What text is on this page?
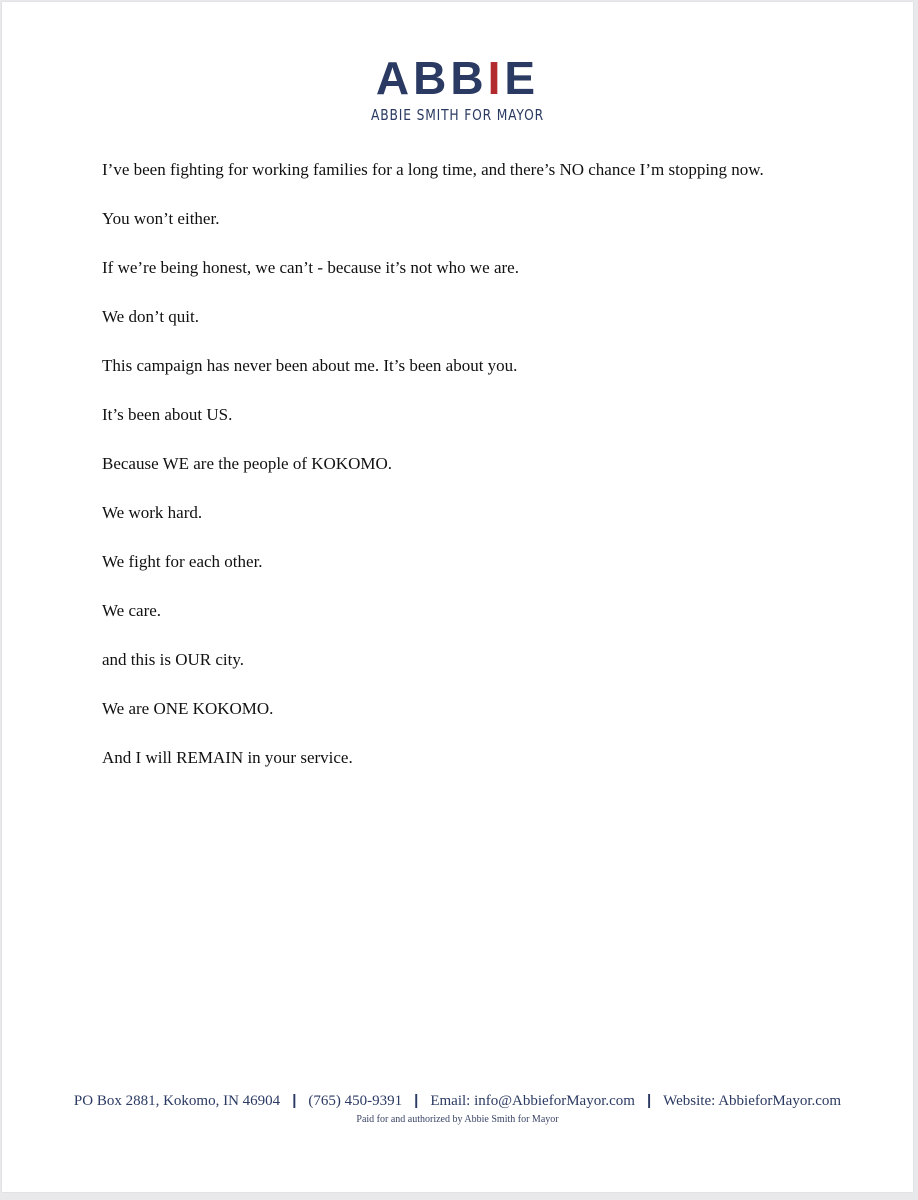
ABBIE
ABBIE SMITH FOR MAYOR

I’ve been fighting for working families for a long time, and there’s NO chance I’m stopping now.

You won’t either.

If we’re being honest, we can’t - because it’s not who we are.

We don’t quit.

This campaign has never been about me. It’s been about you.

It’s been about US.

Because WE are the people of KOKOMO.

We work hard.

We fight for each other.

We care.

and this is OUR city.

We are ONE KOKOMO.

And I will REMAIN in your service.

PO Box 2881, Kokomo, IN 46904 | (765) 450-9391 | Email: info@AbbieforMayor.com | Website: AbbieforMayor.com
Paid for and authorized by Abbie Smith for Mayor
